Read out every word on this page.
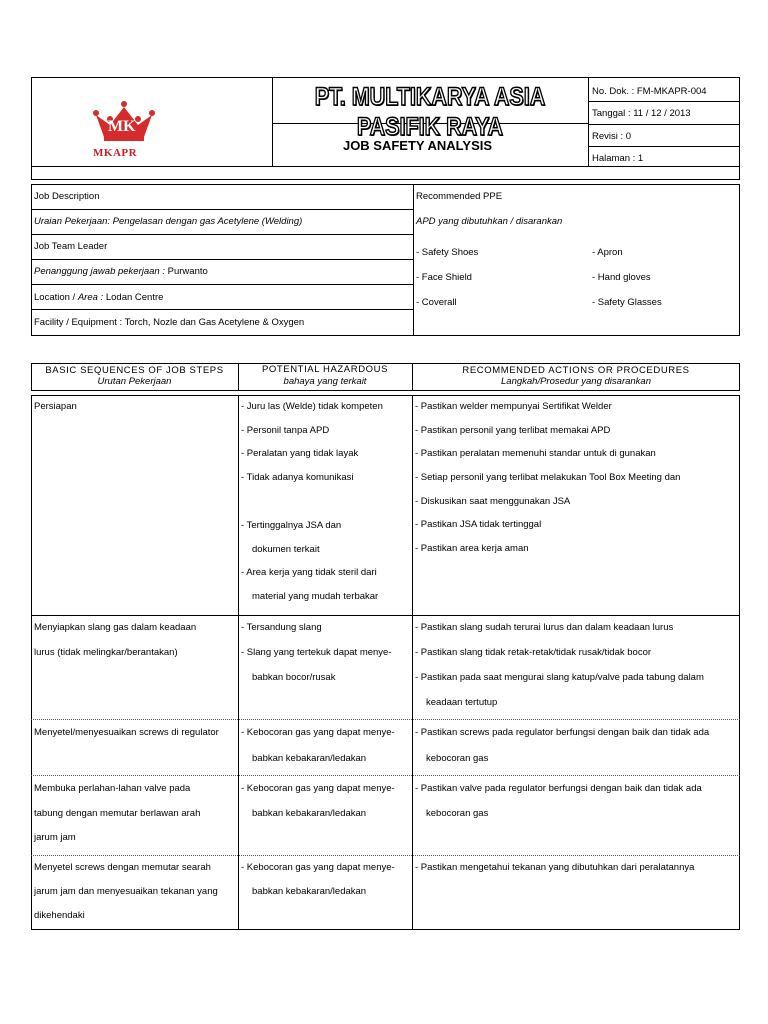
MK
MKAPR
PT. MULTIKARYA ASIA PASIFIK RAYA
JOB SAFETY ANALYSIS
No. Dok. : FM-MKAPR-004
Tanggal : 11 / 12 / 2013
Revisi : 0
Halaman : 1
Job Description
Uraian Pekerjaan: Pengelasan dengan gas Acetylene (Welding)
Job Team Leader
Penanggung jawab pekerjaan : Purwanto
Location / Area : Lodan Centre
Facility / Equipment : Torch, Nozle dan Gas Acetylene & Oxygen
Recommended PPE
APD yang dibutuhkan / disarankan
- Safety Shoes
- Face Shield
- Coverall
- Apron
- Hand gloves
- Safety Glasses
BASIC SEQUENCES OF JOB STEPS
Urutan Pekerjaan
POTENTIAL HAZARDOUS
bahaya yang terkait
RECOMMENDED ACTIONS OR PROCEDURES
Langkah/Prosedur yang disarankan
Persiapan	- Juru las (Welde) tidak kompeten
- Personil tanpa APD
- Peralatan yang tidak layak
- Tidak adanya komunikasi
- Tertinggalnya JSA dan
dokumen terkait
- Area kerja yang tidak steril dari
material yang mudah terbakar
- Pastikan welder mempunyai Sertifikat Welder
- Pastikan personil yang terlibat memakai APD
- Pastikan peralatan memenuhi standar untuk di gunakan
- Setiap personil yang terlibat melakukan Tool Box Meeting dan
- Diskusikan saat menggunakan JSA
- Pastikan JSA tidak tertinggal
- Pastikan area kerja aman
Menyiapkan slang gas dalam keadaan
lurus (tidak melingkar/berantakan)
- Tersandung slang
- Slang yang tertekuk dapat menye-
babkan bocor/rusak
- Pastikan slang sudah terurai lurus dan dalam keadaan lurus
- Pastikan slang tidak retak-retak/tidak rusak/tidak bocor
- Pastikan pada saat mengurai slang katup/valve pada tabung dalam
keadaan tertutup
Menyetel/menyesuaikan screws di regulator - Kebocoran gas yang dapat menye-
babkan kebakaran/ledakan
- Pastikan screws pada regulator berfungsi dengan baik dan tidak ada
kebocoran gas
Membuka perlahan-lahan valve pada
tabung dengan memutar berlawan arah
jarum jam
- Kebocoran gas yang dapat menye-
babkan kebakaran/ledakan
- Pastikan valve pada regulator berfungsi dengan baik dan tidak ada
kebocoran gas
Menyetel screws dengan memutar searah
jarum jam dan menyesuaikan tekanan yang
dikehendaki
- Kebocoran gas yang dapat menye-
babkan kebakaran/ledakan
- Pastikan mengetahui tekanan yang dibutuhkan dari peralatannya
